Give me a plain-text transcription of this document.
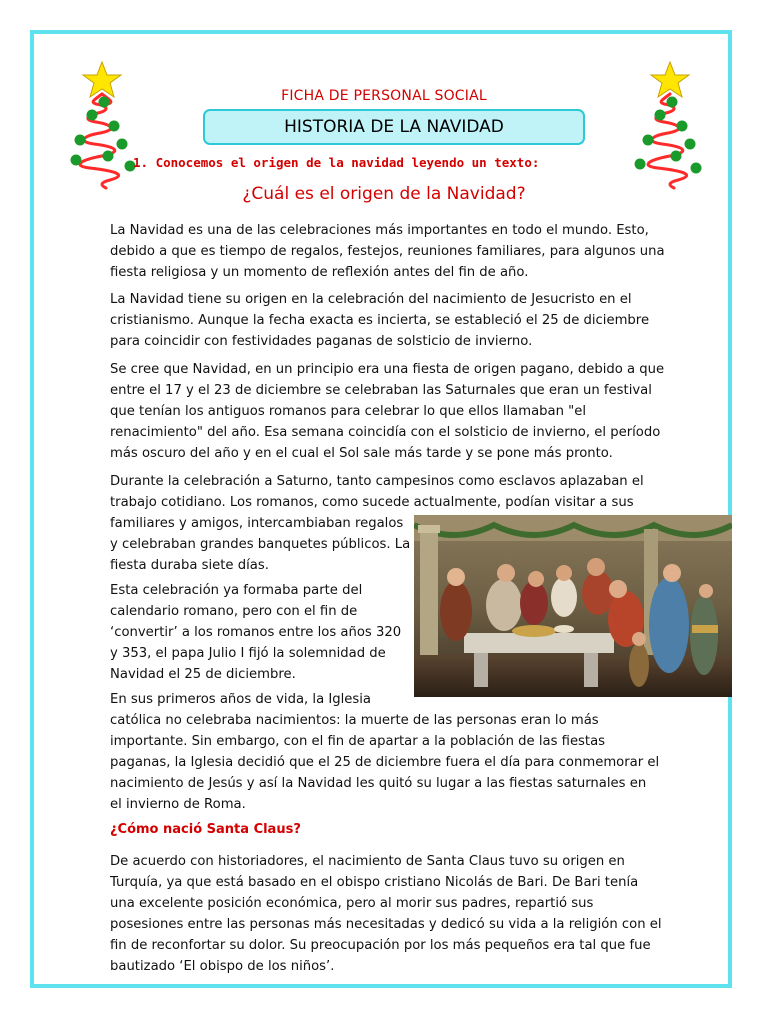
FICHA DE PERSONAL SOCIAL
HISTORIA DE LA NAVIDAD
1. Conocemos el origen de la navidad leyendo un texto:
¿Cuál es el origen de la Navidad?
La Navidad es una de las celebraciones más importantes en todo el mundo. Esto,
debido a que es tiempo de regalos, festejos, reuniones familiares, para algunos una
fiesta religiosa y un momento de reflexión antes del fin de año.
La Navidad tiene su origen en la celebración del nacimiento de Jesucristo en el
cristianismo. Aunque la fecha exacta es incierta, se estableció el 25 de diciembre
para coincidir con festividades paganas de solsticio de invierno.
Se cree que Navidad, en un principio era una fiesta de origen pagano, debido a que
entre el 17 y el 23 de diciembre se celebraban las Saturnales que eran un festival
que tenían los antiguos romanos para celebrar lo que ellos llamaban "el
renacimiento" del año. Esa semana coincidía con el solsticio de invierno, el período
más oscuro del año y en el cual el Sol sale más tarde y se pone más pronto.
Durante la celebración a Saturno, tanto campesinos como esclavos aplazaban el
trabajo cotidiano. Los romanos, como sucede actualmente, podían visitar a sus
familiares y amigos, intercambiaban regalos
y celebraban grandes banquetes públicos. La
fiesta duraba siete días.
Esta celebración ya formaba parte del
calendario romano, pero con el fin de
‘convertir’ a los romanos entre los años 320
y 353, el papa Julio I fijó la solemnidad de
Navidad el 25 de diciembre.
En sus primeros años de vida, la Iglesia
católica no celebraba nacimientos: la muerte de las personas eran lo más
importante. Sin embargo, con el fin de apartar a la población de las fiestas
paganas, la Iglesia decidió que el 25 de diciembre fuera el día para conmemorar el
nacimiento de Jesús y así la Navidad les quitó su lugar a las fiestas saturnales en
el invierno de Roma.
¿Cómo nació Santa Claus?
De acuerdo con historiadores, el nacimiento de Santa Claus tuvo su origen en
Turquía, ya que está basado en el obispo cristiano Nicolás de Bari. De Bari tenía
una excelente posición económica, pero al morir sus padres, repartió sus
posesiones entre las personas más necesitadas y dedicó su vida a la religión con el
fin de reconfortar su dolor. Su preocupación por los más pequeños era tal que fue
bautizado ‘El obispo de los niños’.
